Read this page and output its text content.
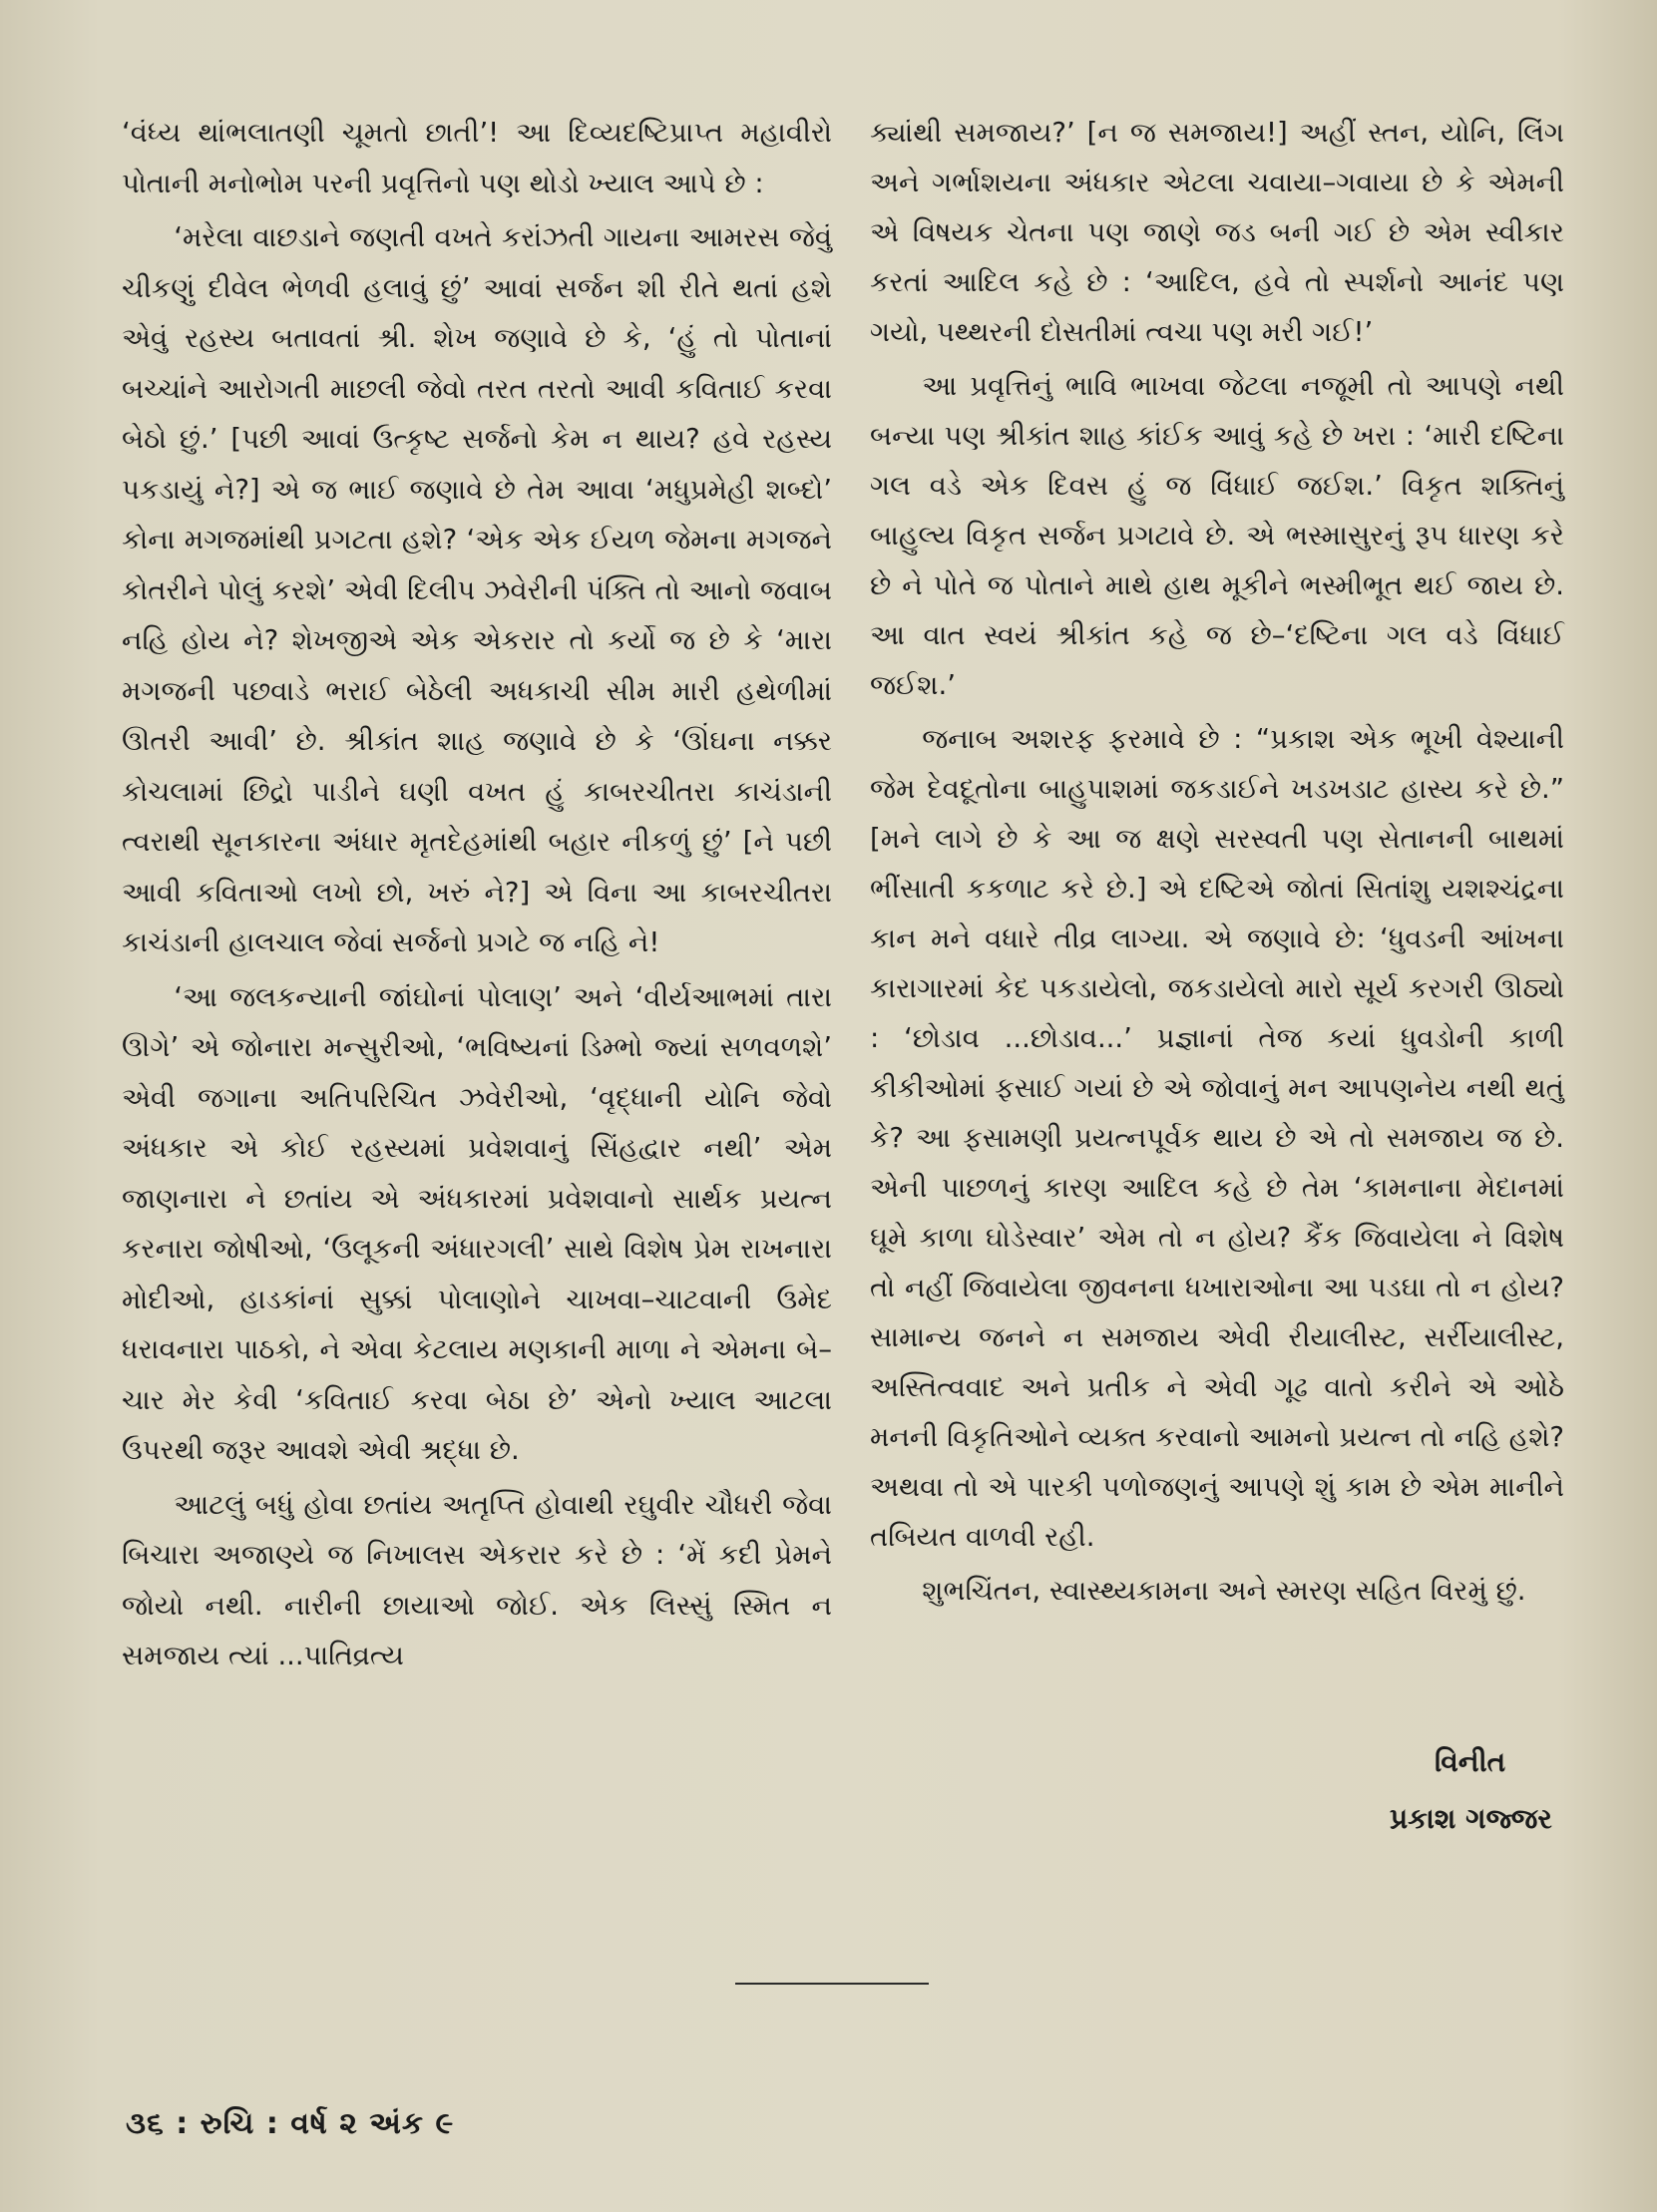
‘વંધ્ય થાંભલાતણી ચૂમતો છાતી’! આ દિવ્યદષ્ટિપ્રાપ્ત મહાવીરો પોતાની મનોભોમ પરની પ્રવૃત્તિનો પણ થોડો ખ્યાલ આપે છે :

‘મરેલા વાછડાને જણતી વખતે કરાંઝતી ગાયના આમરસ જેવું ચીકણું દીવેલ ભેળવી હલાવું છું’ આવાં સર્જન શી રીતે થતાં હશે એવું રહસ્ય બતાવતાં શ્રી. શેખ જણાવે છે કે, ‘હું તો પોતાનાં બચ્ચાંને આરોગતી માછલી જેવો તરત તરતો આવી કવિતાઈ કરવા બેઠો છું.’ [પછી આવાં ઉત્કૃષ્ટ સર્જનો કેમ ન થાય? હવે રહસ્ય પકડાયું ને?] એ જ ભાઈ જણાવે છે તેમ આવા ‘મધુપ્રમેહી શબ્દો’ કોના મગજમાંથી પ્રગટતા હશે? ‘એક એક ઈયળ જેમના મગજને કોતરીને પોલું કરશે’ એવી દિલીપ ઝવેરીની પંક્તિ તો આનો જવાબ નહિ હોય ને? શેખજીએ એક એકરાર તો કર્યો જ છે કે ‘મારા મગજની પછવાડે ભરાઈ બેઠેલી અધકાચી સીમ મારી હથેળીમાં ઊતરી આવી’ છે. શ્રીકાંત શાહ જણાવે છે કે ‘ઊંઘના નક્કર કોચલામાં છિદ્રો પાડીને ઘણી વખત હું કાબરચીતરા કાચંડાની ત્વરાથી સૂનકારના અંધાર મૃતદેહમાંથી બહાર નીકળું છું’ [ને પછી આવી કવિતાઓ લખો છો, ખરું ને?] એ વિના આ કાબરચીતરા કાચંડાની હાલચાલ જેવાં સર્જનો પ્રગટે જ નહિ ને!

‘આ જલકન્યાની જાંઘોનાં પોલાણ’ અને ‘વીર્યઆભમાં તારા ઊગે’ એ જોનારા મન્સુરીઓ, ‘ભવિષ્યનાં ડિમ્ભો જ્યાં સળવળશે’ એવી જગાના અતિપરિચિત ઝવેરીઓ, ‘વૃદ્ધાની યોનિ જેવો અંધકાર એ કોઈ રહસ્યમાં પ્રવેશવાનું સિંહદ્વાર નથી’ એમ જાણનારા ને છતાંય એ અંધકારમાં પ્રવેશવાનો સાર્થક પ્રયત્ન કરનારા જોષીઓ, ‘ઉલૂકની અંધારગલી’ સાથે વિશેષ પ્રેમ રાખનારા મોદીઓ, હાડકાંનાં સુક્કાં પોલાણોને ચાખવા–ચાટવાની ઉમેદ ધરાવનારા પાઠકો, ને એવા કેટલાય મણકાની માળા ને એમના બે–ચાર મેર કેવી ‘કવિતાઈ કરવા બેઠા છે’ એનો ખ્યાલ આટલા ઉપરથી જરૂર આવશે એવી શ્રદ્ધા છે.

આટલું બધું હોવા છતાંય અતૃપ્તિ હોવાથી રઘુવીર ચૌધરી જેવા બિચારા અજાણ્યે જ નિખાલસ એકરાર કરે છે : ‘મેં કદી પ્રેમને જોયો નથી. નારીની છાયાઓ જોઈ. એક લિસ્સું સ્મિત ન સમજાય ત્યાં ...પાતિવ્રત્ય

ક્યાંથી સમજાય?’ [ન જ સમજાય!] અહીં સ્તન, યોનિ, લિંગ અને ગર્ભાશયના અંધકાર એટલા ચવાયા–ગવાયા છે કે એમની એ વિષયક ચેતના પણ જાણે જડ બની ગઈ છે એમ સ્વીકાર કરતાં આદિલ કહે છે : ‘આદિલ, હવે તો સ્પર્શનો આનંદ પણ ગયો, પથ્થરની દોસતીમાં ત્વચા પણ મરી ગઈ!’

આ પ્રવૃત્તિનું ભાવિ ભાખવા જેટલા નજૂમી તો આપણે નથી બન્યા પણ શ્રીકાંત શાહ કાંઈક આવું કહે છે ખરા : ‘મારી દષ્ટિના ગલ વડે એક દિવસ હું જ વિંધાઈ જઈશ.’ વિકૃત શક્તિનું બાહુલ્ય વિકૃત સર્જન પ્રગટાવે છે. એ ભસ્માસુરનું રૂપ ધારણ કરે છે ને પોતે જ પોતાને માથે હાથ મૂકીને ભસ્મીભૂત થઈ જાય છે. આ વાત સ્વયં શ્રીકાંત કહે જ છે–‘દષ્ટિના ગલ વડે વિંધાઈ જઈશ.’

જનાબ અશરફ ફરમાવે છે : “પ્રકાશ એક ભૂખી વેશ્યાની જેમ દેવદૂતોના બાહુપાશમાં જકડાઈને ખડખડાટ હાસ્ય કરે છે.” [મને લાગે છે કે આ જ ક્ષણે સરસ્વતી પણ સેતાનની બાથમાં ભીંસાતી કકળાટ કરે છે.] એ દષ્ટિએ જોતાં સિતાંશુ યશશ્ચંદ્રના કાન મને વધારે તીવ્ર લાગ્યા. એ જણાવે છે: ‘ધુવડની આંખના કારાગારમાં કેદ પકડાયેલો, જકડાયેલો મારો સૂર્ય કરગરી ઊઠ્યો : ‘છોડાવ ...છોડાવ...’ પ્રજ્ઞાનાં તેજ કયાં ધુવડોની કાળી કીકીઓમાં ફસાઈ ગયાં છે એ જોવાનું મન આપણનેય નથી થતું કે? આ ફસામણી પ્રયત્નપૂર્વક થાય છે એ તો સમજાય જ છે. એની પાછળનું કારણ આદિલ કહે છે તેમ ‘કામનાના મેદાનમાં ઘૂમે કાળા ઘોડેસ્વાર’ એમ તો ન હોય? કૈંક જિવાયેલા ને વિશેષ તો નહીં જિવાયેલા જીવનના ધખારાઓના આ પડઘા તો ન હોય? સામાન્ય જનને ન સમજાય એવી રીયાલીસ્ટ, સર્રીયાલીસ્ટ, અસ્તિત્વવાદ અને પ્રતીક ને એવી ગૂઢ વાતો કરીને એ ઓઠે મનની વિકૃતિઓને વ્યક્ત કરવાનો આમનો પ્રયત્ન તો નહિ હશે? અથવા તો એ પારકી પળોજણનું આપણે શું કામ છે એમ માનીને તબિયત વાળવી રહી.

શુભચિંતન, સ્વાસ્થ્યકામના અને સ્મરણ સહિત વિરમું છું.

વિનીત
પ્રકાશ ગજ્જર
૩૬ : રુચિ : વર્ષ ૨ અંક ૯
